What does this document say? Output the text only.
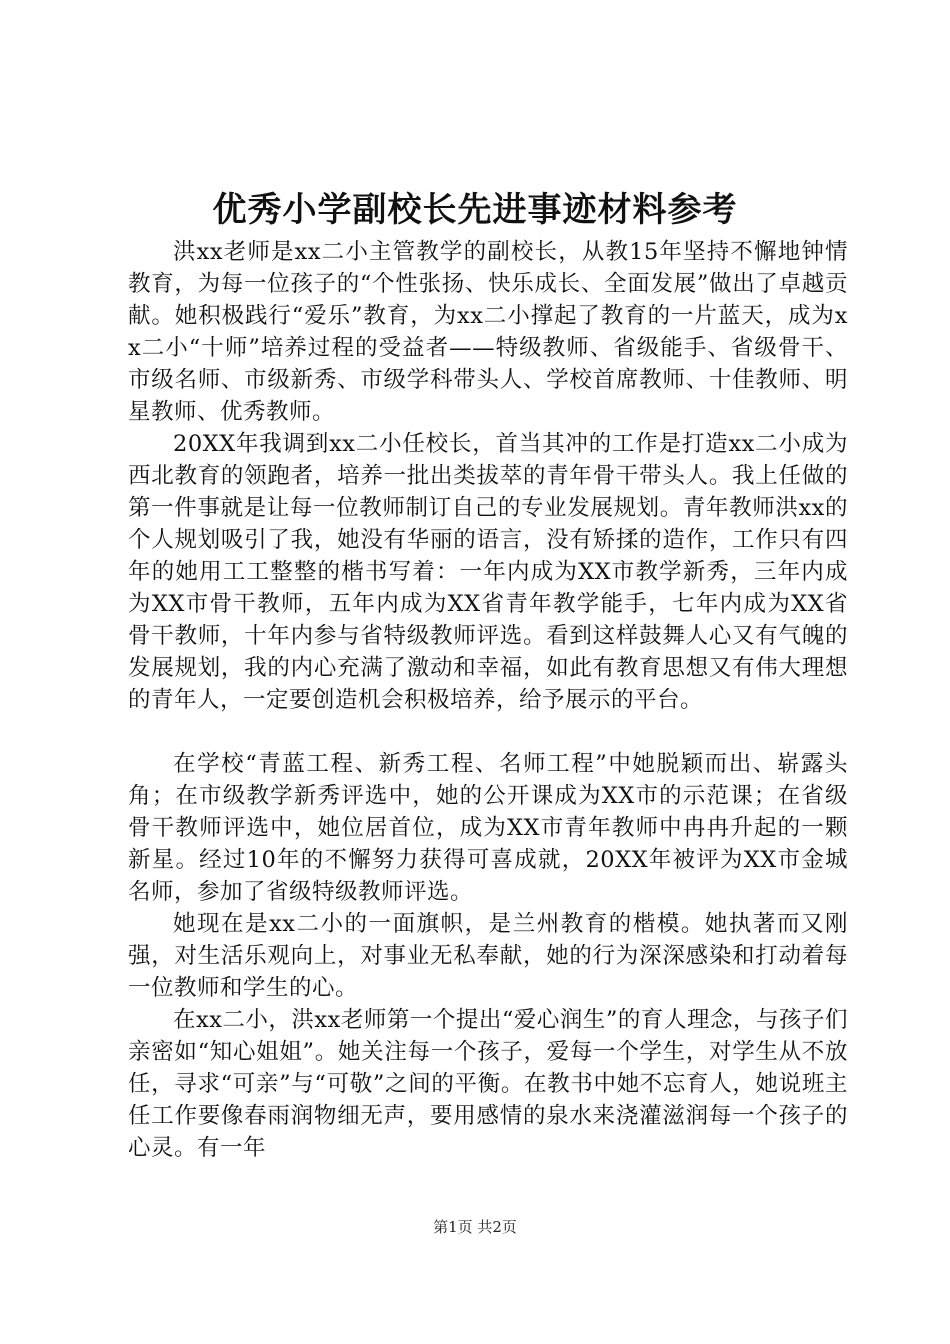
优秀小学副校长先进事迹材料参考

洪xx老师是xx二小主管教学的副校长，从教15年坚持不懈地钟情教育，为每一位孩子的“个性张扬、快乐成长、全面发展”做出了卓越贡献。她积极践行“爱乐”教育，为xx二小撑起了教育的一片蓝天，成为xx二小“十师”培养过程的受益者——特级教师、省级能手、省级骨干、市级名师、市级新秀、市级学科带头人、学校首席教师、十佳教师、明星教师、优秀教师。

20XX年我调到xx二小任校长，首当其冲的工作是打造xx二小成为西北教育的领跑者，培养一批出类拔萃的青年骨干带头人。我上任做的第一件事就是让每一位教师制订自己的专业发展规划。青年教师洪xx的个人规划吸引了我，她没有华丽的语言，没有矫揉的造作，工作只有四年的她用工工整整的楷书写着：一年内成为XX市教学新秀，三年内成为XX市骨干教师，五年内成为XX省青年教学能手，七年内成为XX省骨干教师，十年内参与省特级教师评选。看到这样鼓舞人心又有气魄的发展规划，我的内心充满了激动和幸福，如此有教育思想又有伟大理想的青年人，一定要创造机会积极培养，给予展示的平台。

在学校“青蓝工程、新秀工程、名师工程”中她脱颖而出、崭露头角；在市级教学新秀评选中，她的公开课成为XX市的示范课；在省级骨干教师评选中，她位居首位，成为XX市青年教师中冉冉升起的一颗新星。经过10年的不懈努力获得可喜成就，20XX年被评为XX市金城名师，参加了省级特级教师评选。

她现在是xx二小的一面旗帜，是兰州教育的楷模。她执著而又刚强，对生活乐观向上，对事业无私奉献，她的行为深深感染和打动着每一位教师和学生的心。

在xx二小，洪xx老师第一个提出“爱心润生”的育人理念，与孩子们亲密如“知心姐姐”。她关注每一个孩子，爱每一个学生，对学生从不放任，寻求“可亲”与“可敬”之间的平衡。在教书中她不忘育人，她说班主任工作要像春雨润物细无声，要用感情的泉水来浇灌滋润每一个孩子的心灵。有一年

第1页 共2页
